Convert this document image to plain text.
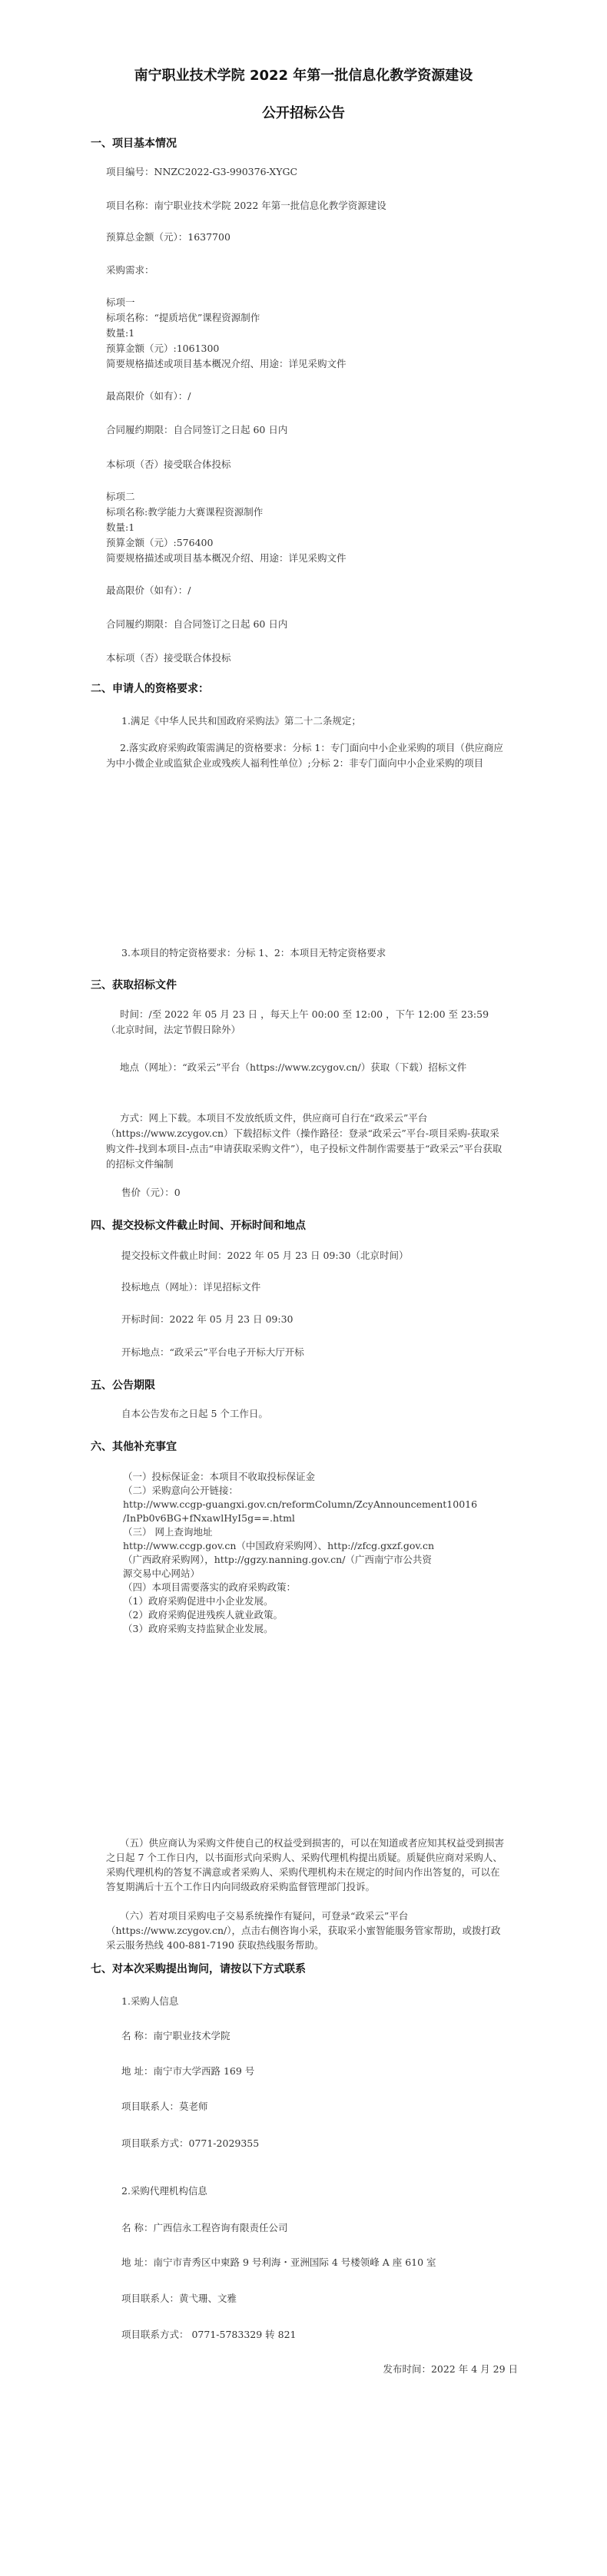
南宁职业技术学院 2022 年第一批信息化教学资源建设
公开招标公告
一、项目基本情况
项目编号：NNZC2022-G3-990376-XYGC
项目名称：南宁职业技术学院 2022 年第一批信息化教学资源建设
预算总金额（元）：1637700
采购需求：
标项一
标项名称：“提质培优”课程资源制作
数量:1
预算金额（元）:1061300
简要规格描述或项目基本概况介绍、用途：详见采购文件
最高限价（如有）：/
合同履约期限：自合同签订之日起 60 日内
本标项（否）接受联合体投标
标项二
标项名称:教学能力大赛课程资源制作
数量:1
预算金额（元）:576400
简要规格描述或项目基本概况介绍、用途：详见采购文件
最高限价（如有）：/
合同履约期限：自合同签订之日起 60 日内
本标项（否）接受联合体投标
二、申请人的资格要求：
1.满足《中华人民共和国政府采购法》第二十二条规定；
2.落实政府采购政策需满足的资格要求：分标 1：专门面向中小企业采购的项目（供应商应为中小微企业或监狱企业或残疾人福利性单位）;分标 2：非专门面向中小企业采购的项目
3.本项目的特定资格要求：分标 1、2：本项目无特定资格要求
三、获取招标文件
时间：/至 2022 年 05 月 23 日 ，每天上午 00:00 至 12:00 ，下午 12:00 至 23:59（北京时间，法定节假日除外）
地点（网址）：“政采云”平台（https://www.zcygov.cn/）获取（下载）招标文件
方式：网上下载。本项目不发放纸质文件，供应商可自行在“政采云”平台（https://www.zcygov.cn）下载招标文件（操作路径：登录“政采云”平台-项目采购-获取采购文件-找到本项目-点击“申请获取采购文件”），电子投标文件制作需要基于“政采云”平台获取的招标文件编制
售价（元）：0
四、提交投标文件截止时间、开标时间和地点
提交投标文件截止时间：2022 年 05 月 23 日 09:30（北京时间）
投标地点（网址）：详见招标文件
开标时间：2022 年 05 月 23 日 09:30
开标地点：“政采云”平台电子开标大厅开标
五、公告期限
自本公告发布之日起 5 个工作日。
六、其他补充事宜
（一）投标保证金：本项目不收取投标保证金
（二）采购意向公开链接：
http://www.ccgp-guangxi.gov.cn/reformColumn/ZcyAnnouncement10016
/InPb0v6BG+fNxawlHyI5g==.html
（三） 网上查询地址
http://www.ccgp.gov.cn（中国政府采购网）、http://zfcg.gxzf.gov.cn
（广西政府采购网），http://ggzy.nanning.gov.cn/（广西南宁市公共资
源交易中心网站）
（四）本项目需要落实的政府采购政策：
（1）政府采购促进中小企业发展。
（2）政府采购促进残疾人就业政策。
（3）政府采购支持监狱企业发展。
（五）供应商认为采购文件使自己的权益受到损害的，可以在知道或者应知其权益受到损害之日起 7 个工作日内，以书面形式向采购人、采购代理机构提出质疑。质疑供应商对采购人、采购代理机构的答复不满意或者采购人、采购代理机构未在规定的时间内作出答复的，可以在答复期满后十五个工作日内向同级政府采购监督管理部门投诉。
（六）若对项目采购电子交易系统操作有疑问，可登录“政采云”平台（https://www.zcygov.cn/），点击右侧咨询小采，获取采小蜜智能服务管家帮助，或拨打政采云服务热线 400-881-7190 获取热线服务帮助。
七、对本次采购提出询问，请按以下方式联系
1.采购人信息
名 称：南宁职业技术学院
地 址：南宁市大学西路 169 号
项目联系人：莫老师
项目联系方式：0771-2029355
2.采购代理机构信息
名 称：广西信永工程咨询有限责任公司
地 址：南宁市青秀区中柬路 9 号利海・亚洲国际 4 号楼领峰 A 座 610 室
项目联系人：黄弋珊、文雅
项目联系方式： 0771-5783329 转 821
发布时间：2022 年 4 月 29 日
